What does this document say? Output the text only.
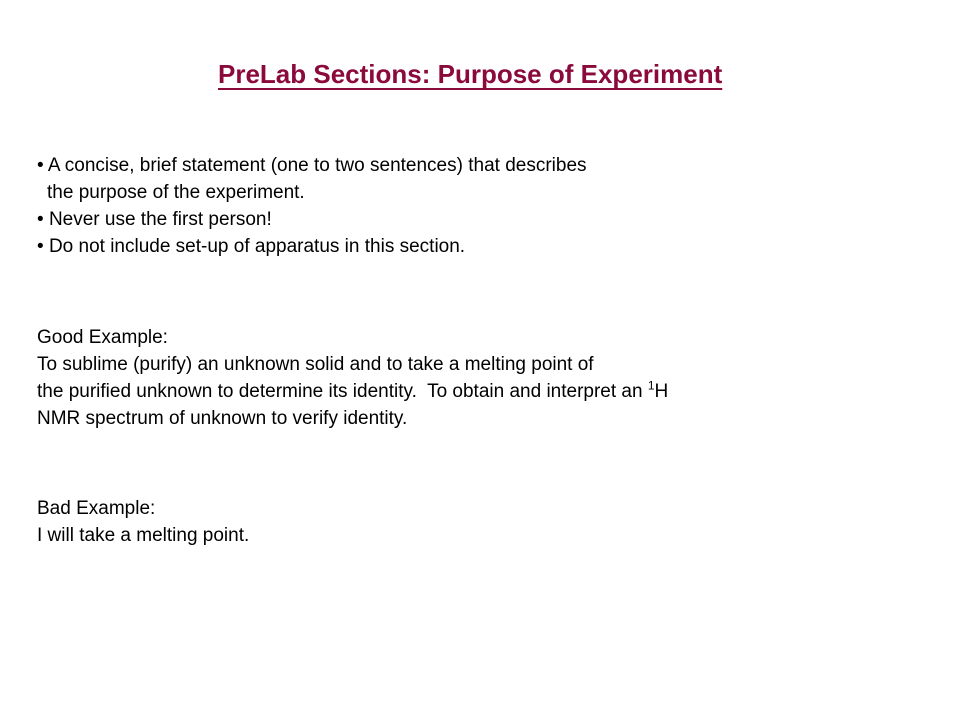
PreLab Sections: Purpose of Experiment
• A concise, brief statement (one to two sentences) that describes
the purpose of the experiment.
• Never use the first person!
• Do not include set-up of apparatus in this section.
Good Example:
To sublime (purify) an unknown solid and to take a melting point of
the purified unknown to determine its identity.  To obtain and interpret an $^1$H
NMR spectrum of unknown to verify identity.
Bad Example:
I will take a melting point.
